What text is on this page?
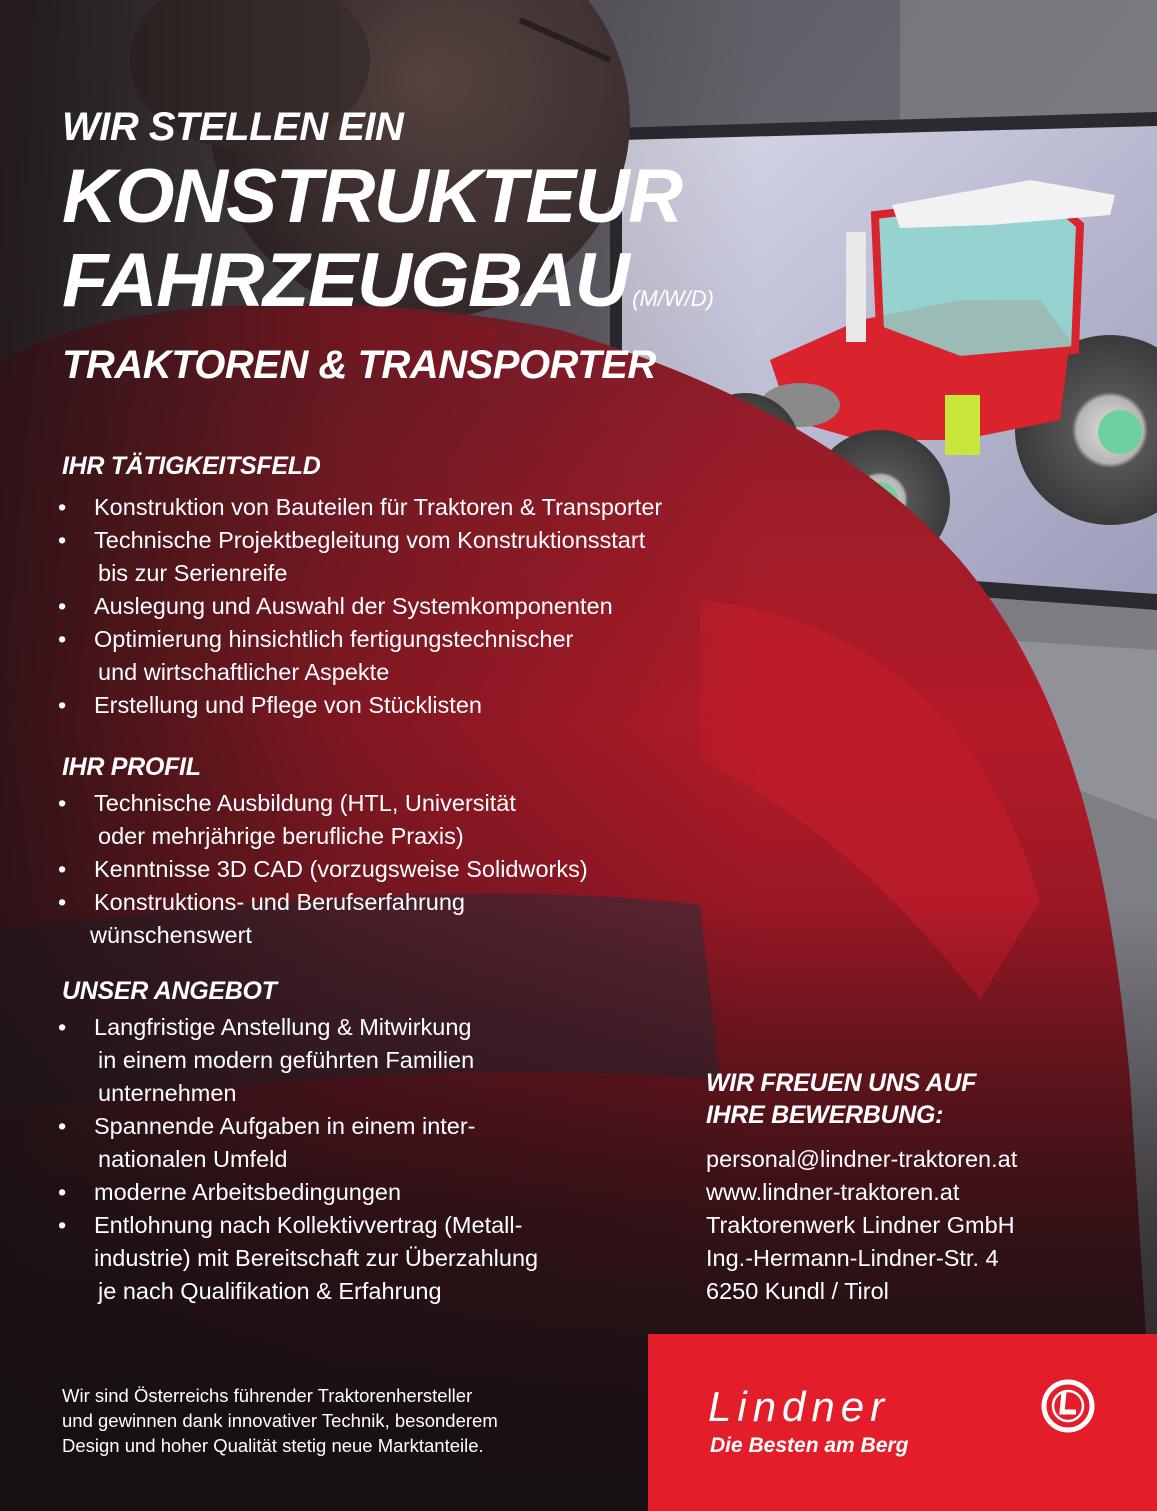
WIR STELLEN EIN
KONSTRUKTEUR
FAHRZEUGBAU (M/W/D)
TRAKTOREN & TRANSPORTER
IHR TÄTIGKEITSFELD
• Konstruktion von Bauteilen für Traktoren & Transporter
• Technische Projektbegleitung vom Konstruktionsstart
bis zur Serienreife
• Auslegung und Auswahl der Systemkomponenten
• Optimierung hinsichtlich fertigungstechnischer
und wirtschaftlicher Aspekte
• Erstellung und Pflege von Stücklisten
IHR PROFIL
• Technische Ausbildung (HTL, Universität
oder mehrjährige berufliche Praxis)
• Kenntnisse 3D CAD (vorzugsweise Solidworks)
• Konstruktions- und Berufserfahrung
wünschenswert
UNSER ANGEBOT
• Langfristige Anstellung & Mitwirkung
in einem modern geführten Familien
unternehmen
• Spannende Aufgaben in einem inter-
nationalen Umfeld
• moderne Arbeitsbedingungen
• Entlohnung nach Kollektivvertrag (Metall-
industrie) mit Bereitschaft zur Überzahlung
je nach Qualifikation & Erfahrung
WIR FREUEN UNS AUF
IHRE BEWERBUNG:
personal@lindner-traktoren.at
www.lindner-traktoren.at
Traktorenwerk Lindner GmbH
Ing.-Hermann-Lindner-Str. 4
6250 Kundl / Tirol
Wir sind Österreichs führender Traktorenhersteller
und gewinnen dank innovativer Technik, besonderem
Design und hoher Qualität stetig neue Marktanteile.
Lindner
Die Besten am Berg
